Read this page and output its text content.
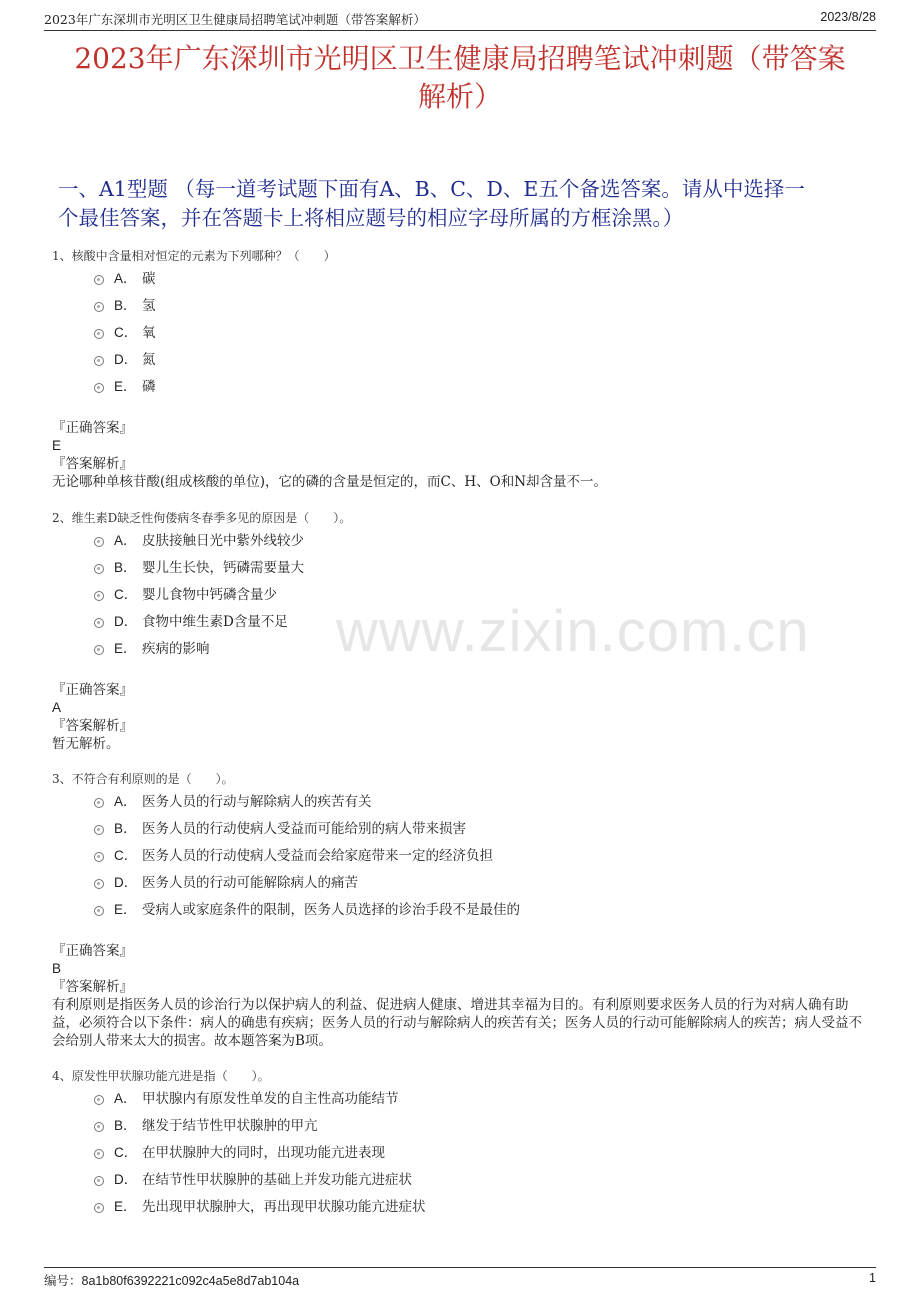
2023年广东深圳市光明区卫生健康局招聘笔试冲刺题（带答案解析）	2023/8/28
2023年广东深圳市光明区卫生健康局招聘笔试冲刺题（带答案
解析）
一、A1型题 （每一道考试题下面有A、B、C、D、E五个备选答案。请从中选择一
个最佳答案，并在答题卡上将相应题号的相应字母所属的方框涂黑。）
www.zixin.com.cn

1、核酸中含量相对恒定的元素为下列哪种？（　　）

A． 碳
B． 氢
C． 氧
D． 氮
E． 磷

『正确答案』

E

『答案解析』

无论哪种单核苷酸(组成核酸的单位)，它的磷的含量是恒定的，而C、H、O和N却含量不一。

2、维生素D缺乏性佝偻病冬春季多见的原因是（　　）。

A． 皮肤接触日光中紫外线较少
B． 婴儿生长快，钙磷需要量大
C． 婴儿食物中钙磷含量少
D． 食物中维生素D含量不足
E． 疾病的影响

『正确答案』

A

『答案解析』

暂无解析。

3、不符合有利原则的是（　　）。

A． 医务人员的行动与解除病人的疾苦有关
B． 医务人员的行动使病人受益而可能给别的病人带来损害
C． 医务人员的行动使病人受益而会给家庭带来一定的经济负担
D． 医务人员的行动可能解除病人的痛苦
E． 受病人或家庭条件的限制，医务人员选择的诊治手段不是最佳的

『正确答案』

B

『答案解析』

有利原则是指医务人员的诊治行为以保护病人的利益、促进病人健康、增进其幸福为目的。有利原则要求医务人员的行为对病人确有助益，必须符合以下条件：病人的确患有疾病；医务人员的行动与解除病人的疾苦有关；医务人员的行动可能解除病人的疾苦；病人受益不会给别人带来太大的损害。故本题答案为B项。

4、原发性甲状腺功能亢进是指（　　）。

A． 甲状腺内有原发性单发的自主性高功能结节
B． 继发于结节性甲状腺肿的甲亢
C． 在甲状腺肿大的同时，出现功能亢进表现
D． 在结节性甲状腺肿的基础上并发功能亢进症状
E． 先出现甲状腺肿大，再出现甲状腺功能亢进症状
编号：8a1b80f6392221c092c4a5e8d7ab104a	1
